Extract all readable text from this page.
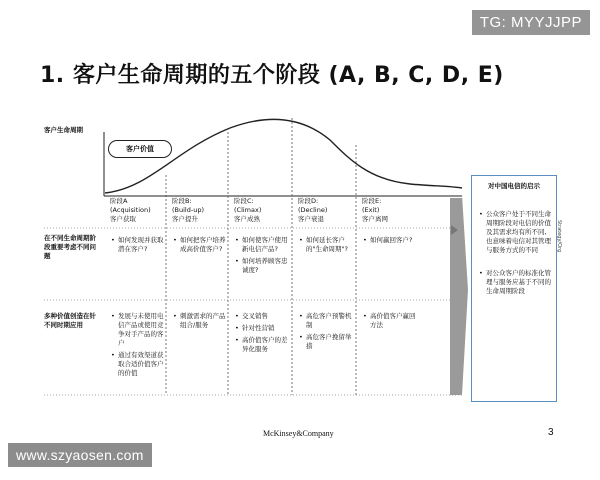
TG: MYYJJPP
1. 客户生命周期的五个阶段 (A, B, C, D, E)
客户生命周期
客户价值
阶段A
(Acquisition)
客户获取
阶段B:
(Build-up)
客户提升
阶段C:
(Climax)
客户成熟
阶段D:
(Decline)
客户衰退
阶段E:
(Exit)
客户离网
在不同生命周期阶段重要考虑不同问题
多种价值创造在针不同时期应用
• 如何发现并获取潜在客户?
• 如何把客户培养成高价值客户?
• 如何使客户使用新电信产品?
• 如何培养顾客忠诚度?
• 如何延长客户的"生命周期"?
• 如何赢回客户?
• 发展与未使用电信产品或使用竞争对手产品的客户
• 通过有效渠道获取合适价值客户的价值
• 刺激需求的产品组合/服务
• 交叉销售
• 针对性营销
• 高价值客户的差异化服务
• 高危客户预警机制
• 高危客户挽留举措
• 高价值客户赢回方法
对中国电信的启示
• 公众客户处于不同生命周期阶段对电信的价值及其需求均有所不同,也意味着电信对其管理与服务方式的不同
• 对公众客户的标准化管理与服务应基于不同的生命周期阶段
Strategy/Org
McKinsey&Company	3
www.szyaosen.com
